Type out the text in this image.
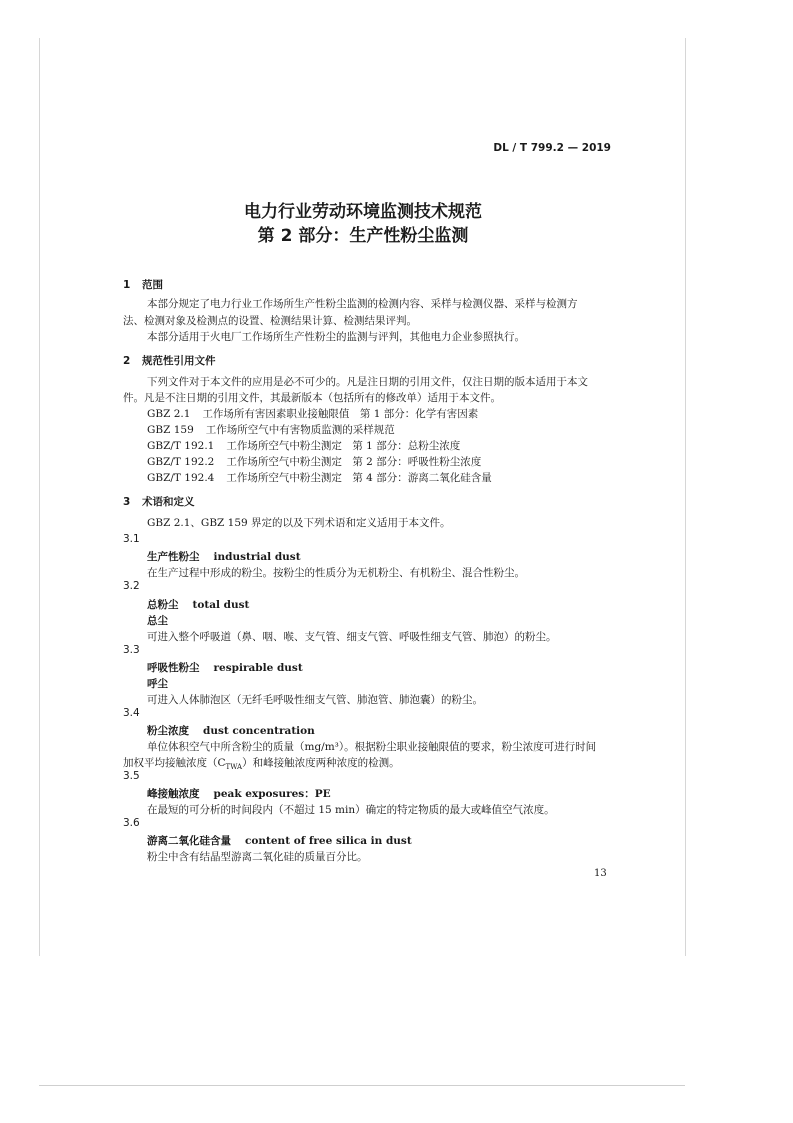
DL / T 799.2 — 2019
电力行业劳动环境监测技术规范
第 2 部分：生产性粉尘监测
1 范围
本部分规定了电力行业工作场所生产性粉尘监测的检测内容、采样与检测仪器、采样与检测方
法、检测对象及检测点的设置、检测结果计算、检测结果评判。
本部分适用于火电厂工作场所生产性粉尘的监测与评判，其他电力企业参照执行。
2 规范性引用文件
下列文件对于本文件的应用是必不可少的。凡是注日期的引用文件，仅注日期的版本适用于本文
件。凡是不注日期的引用文件，其最新版本（包括所有的修改单）适用于本文件。
GBZ 2.1 工作场所有害因素职业接触限值　第 1 部分：化学有害因素
GBZ 159 工作场所空气中有害物质监测的采样规范
GBZ/T 192.1 工作场所空气中粉尘测定　第 1 部分：总粉尘浓度
GBZ/T 192.2 工作场所空气中粉尘测定　第 2 部分：呼吸性粉尘浓度
GBZ/T 192.4 工作场所空气中粉尘测定　第 4 部分：游离二氧化硅含量
3 术语和定义
GBZ 2.1、GBZ 159 界定的以及下列术语和定义适用于本文件。
3.1
生产性粉尘 industrial dust
在生产过程中形成的粉尘。按粉尘的性质分为无机粉尘、有机粉尘、混合性粉尘。
3.2
总粉尘 total dust
总尘
可进入整个呼吸道（鼻、咽、喉、支气管、细支气管、呼吸性细支气管、肺泡）的粉尘。
3.3
呼吸性粉尘 respirable dust
呼尘
可进入人体肺泡区（无纤毛呼吸性细支气管、肺泡管、肺泡囊）的粉尘。
3.4
粉尘浓度 dust concentration
单位体积空气中所含粉尘的质量（mg/m³）。根据粉尘职业接触限值的要求，粉尘浓度可进行时间
加权平均接触浓度$(C_{TWA})$和峰接触浓度两种浓度的检测。
3.5
峰接触浓度 peak exposures：PE
在最短的可分析的时间段内（不超过 15 min）确定的特定物质的最大或峰值空气浓度。
3.6
游离二氧化硅含量 content of free silica in dust
粉尘中含有结晶型游离二氧化硅的质量百分比。
13
